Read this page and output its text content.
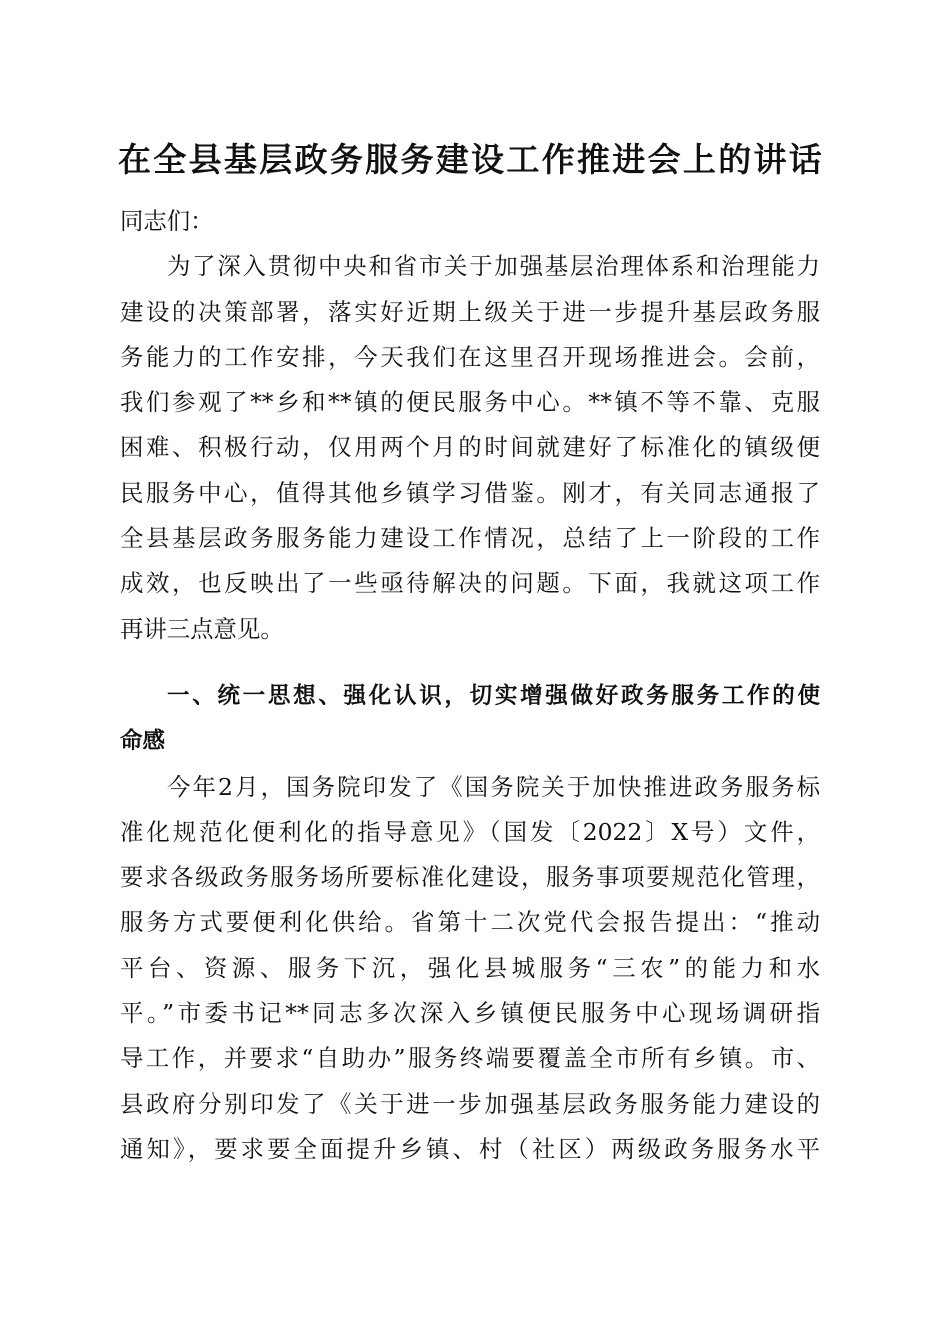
在全县基层政务服务建设工作推进会上的讲话
同志们：
为了深入贯彻中央和省市关于加强基层治理体系和治理能力
建设的决策部署，落实好近期上级关于进一步提升基层政务服
务能力的工作安排，今天我们在这里召开现场推进会。会前，
我们参观了**乡和**镇的便民服务中心。**镇不等不靠、克服
困难、积极行动，仅用两个月的时间就建好了标准化的镇级便
民服务中心，值得其他乡镇学习借鉴。刚才，有关同志通报了
全县基层政务服务能力建设工作情况，总结了上一阶段的工作
成效，也反映出了一些亟待解决的问题。下面，我就这项工作
再讲三点意见。
一、统一思想、强化认识，切实增强做好政务服务工作的使
命感
今年2月，国务院印发了《国务院关于加快推进政务服务标
准化规范化便利化的指导意见》（国发〔2022〕X号）文件，
要求各级政务服务场所要标准化建设，服务事项要规范化管理，
服务方式要便利化供给。省第十二次党代会报告提出：“推动
平台、资源、服务下沉，强化县城服务“三农”的能力和水
平。”市委书记**同志多次深入乡镇便民服务中心现场调研指
导工作，并要求“自助办”服务终端要覆盖全市所有乡镇。市、
县政府分别印发了《关于进一步加强基层政务服务能力建设的
通知》，要求要全面提升乡镇、村（社区）两级政务服务水平
